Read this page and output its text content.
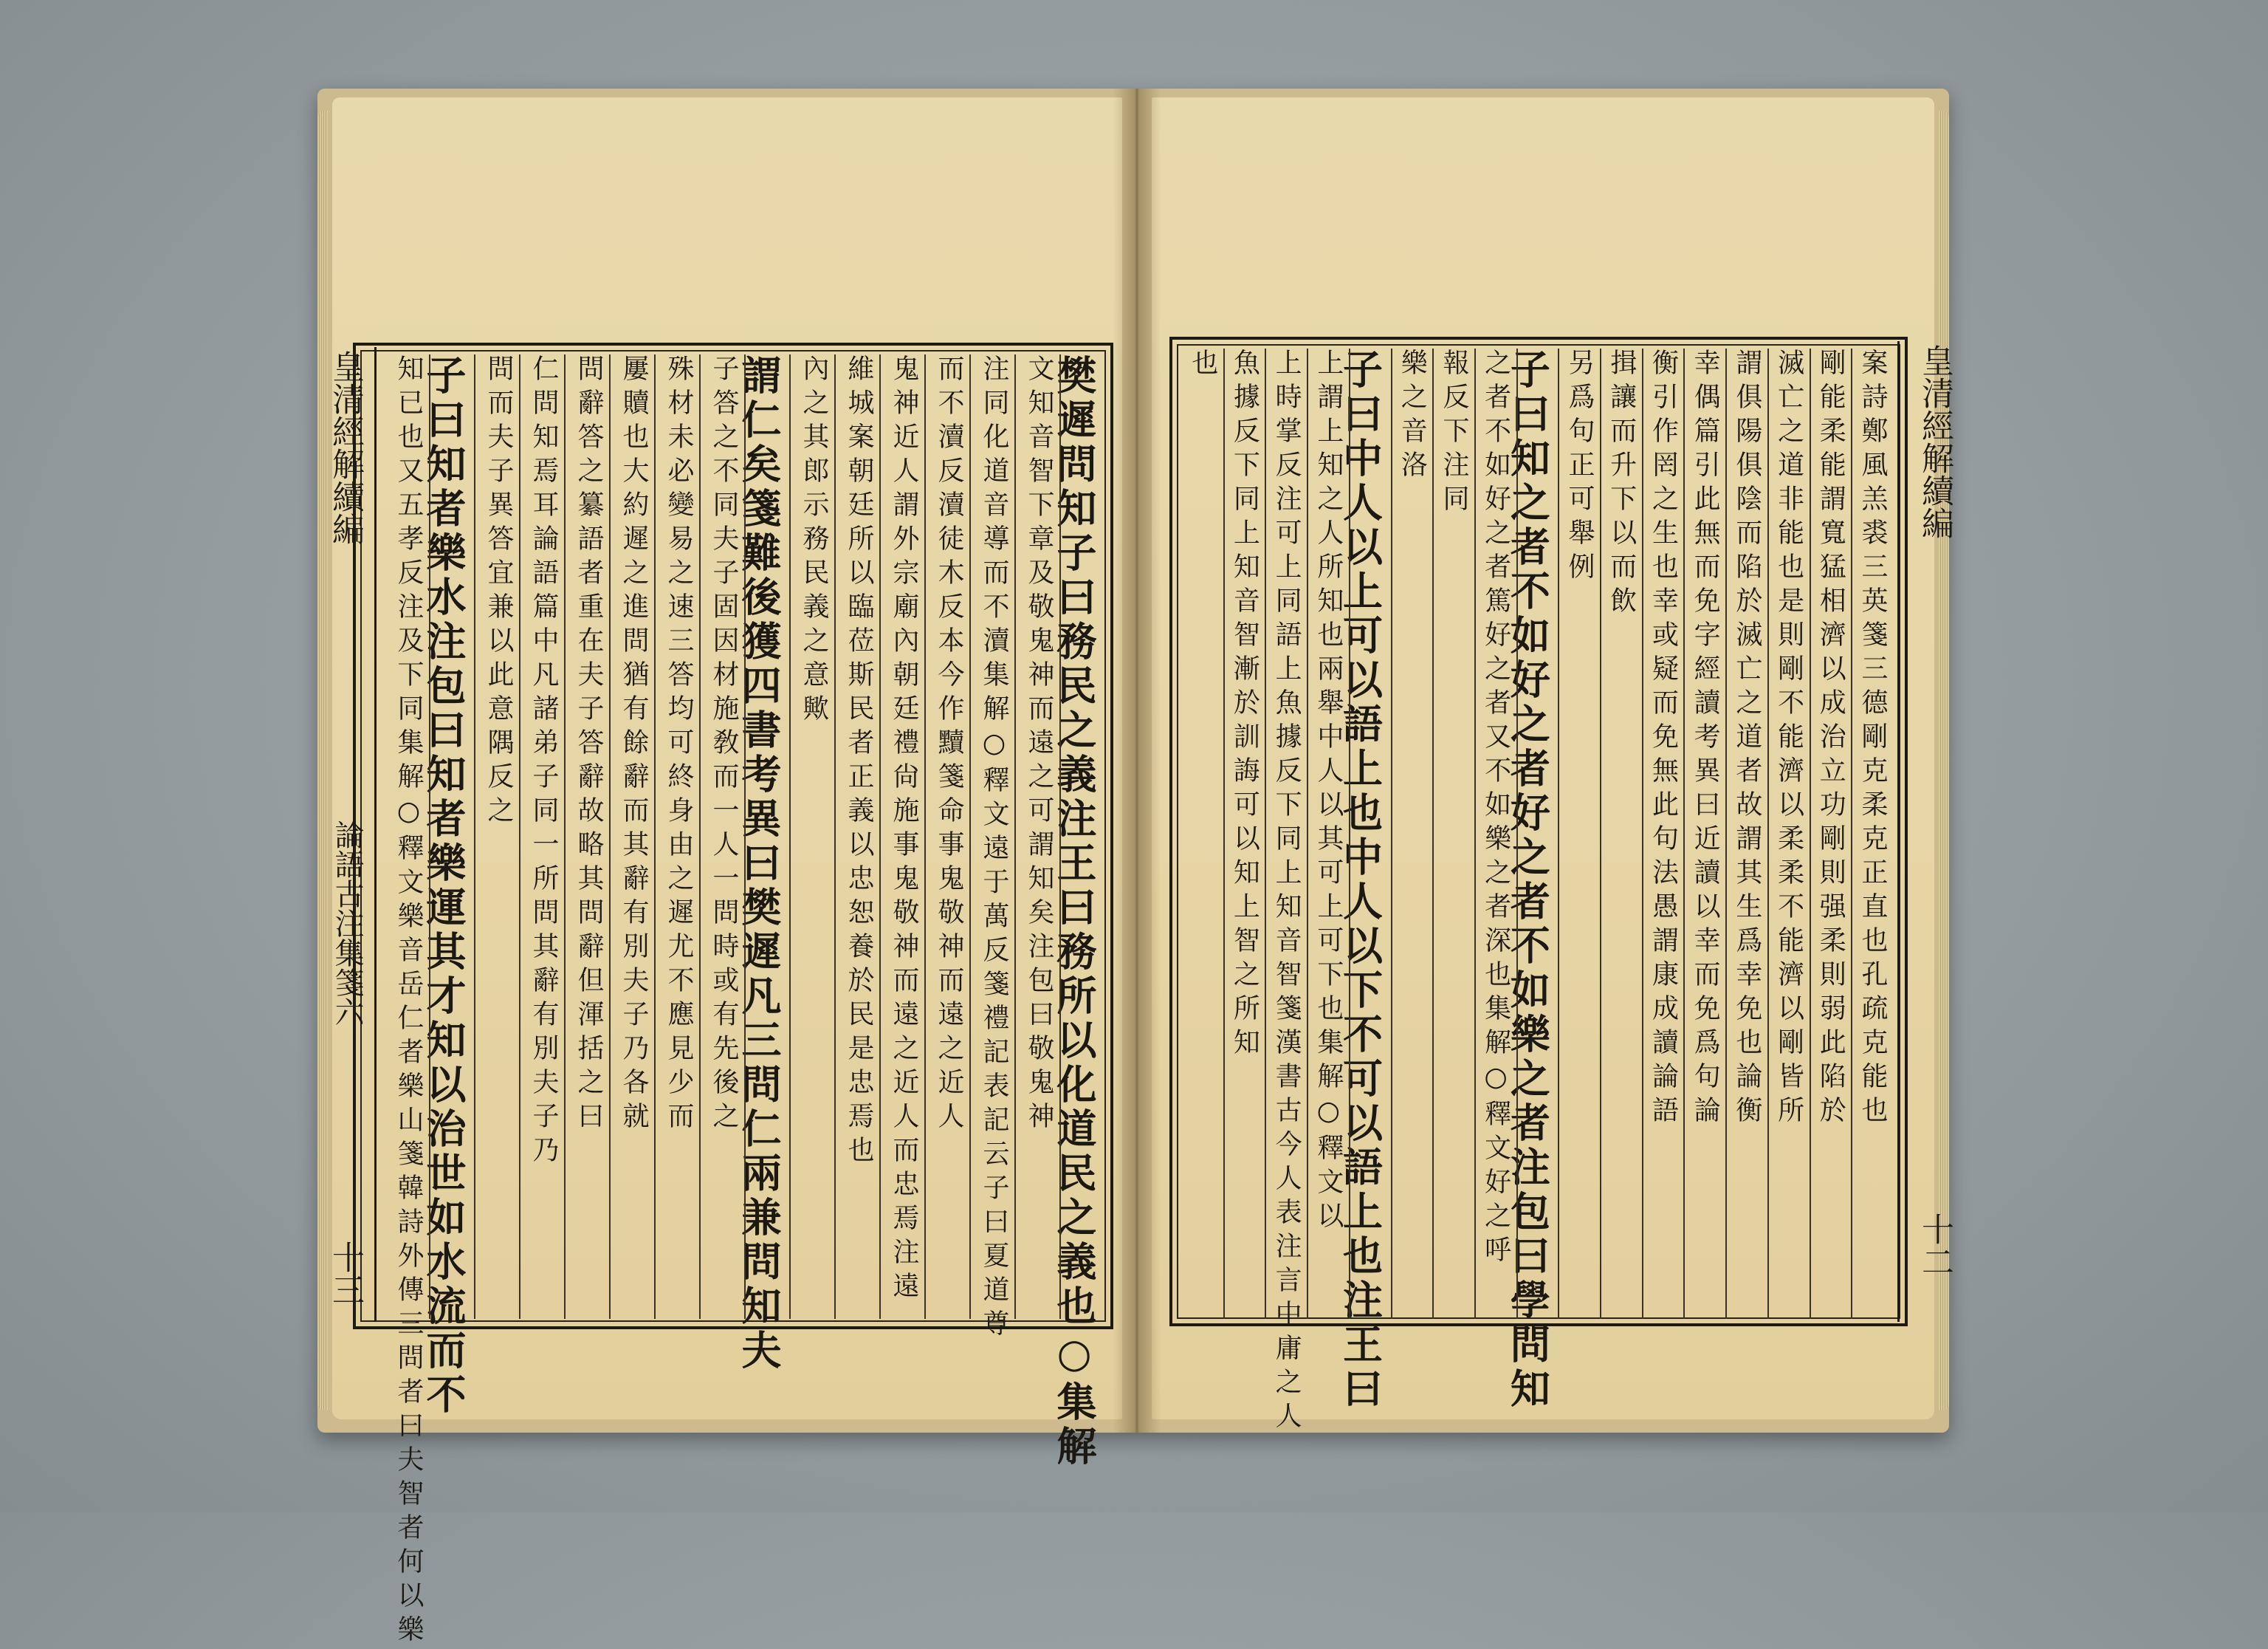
皇清經解續編
論語古注集箋六
十三	樊遲問知子曰務民之義注王曰務所以化道民之義也○集解
文知音智下章及敬鬼神而遠之可謂知矣注包曰敬鬼神
注同化道音導而不瀆集解○釋文遠于萬反箋禮記表記云子曰夏道尊
而不瀆反瀆徒木反本今作黷箋命事鬼敬神而遠之近人
鬼神近人謂外宗廟內朝廷禮尙施事鬼敬神而遠之近人而忠焉注遠
維城案朝廷所以臨莅斯民者正義以忠恕養於民是忠焉也
內之其郎示務民義之意歟
謂仁矣箋難後獲四書考異曰樊遲凡三問仁兩兼問知夫
子答之不同夫子固因材施敎而一人一問時或有先後之
殊材未必變易之速三答均可終身由之遲尤不應見少而
屢贖也大約遲之進問猶有餘辭而其辭有別夫子乃各就
問辭答之纂語者重在夫子答辭故略其問辭但渾括之曰
仁問知焉耳論語篇中凡諸弟子同一所問其辭有別夫子乃
問而夫子異答宜兼以此意隅反之
子曰知者樂水注包曰知者樂運其才知以治世如水流而不
知已也又五孝反注及下同集解○釋文樂音岳仁者樂山箋韓詩外傳三問者曰夫智者何以樂	皇清經解續編
十二
案詩鄭風羔裘三英箋三德剛克柔克正直也孔疏克能也
剛能柔能謂寬猛相濟以成治立功剛則强柔則弱此陷於
滅亡之道非能也是則剛不能濟以柔柔不能濟以剛皆所
謂俱陽俱陰而陷於滅亡之道者故謂其生爲幸免也論衡
幸偶篇引此無而免字經讀考異曰近讀以幸而免爲句論
衡引作罔之生也幸或疑而免無此句法愚謂康成讀論語
揖讓而升下以而飲
另爲句正可舉例
子曰知之者不如好之者好之者不如樂之者注包曰學問知
之者不如好之者篤好之者又不如樂之者深也集解○釋文好之呼
報反下注同
樂之音洛
子曰中人以上可以語上也中人以下不可以語上也注王曰
上謂上知之人所知也兩舉中人以其可上可下也集解○釋文以
上時掌反注可上同語上魚據反下同上知音智箋漢書古今人表注言中庸之人
魚據反下同上知音智漸於訓誨可以知上智之所知
也
